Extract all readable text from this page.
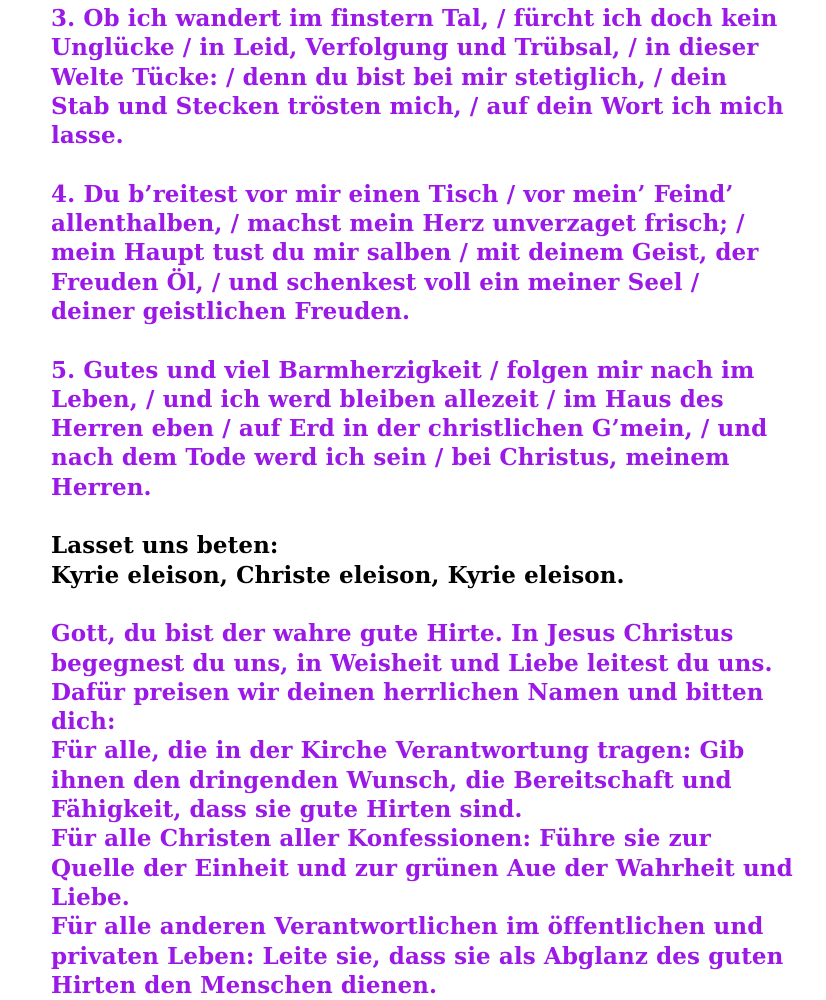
3. Ob ich wandert im finstern Tal, / fürcht ich doch kein
Unglücke / in Leid, Verfolgung und Trübsal, / in dieser
Welte Tücke: / denn du bist bei mir stetiglich, / dein
Stab und Stecken trösten mich, / auf dein Wort ich mich
lasse.
4. Du b’reitest vor mir einen Tisch / vor mein’ Feind’
allenthalben, / machst mein Herz unverzaget frisch; /
mein Haupt tust du mir salben / mit deinem Geist, der
Freuden Öl, / und schenkest voll ein meiner Seel /
deiner geistlichen Freuden.
5. Gutes und viel Barmherzigkeit / folgen mir nach im
Leben, / und ich werd bleiben allezeit / im Haus des
Herren eben / auf Erd in der christlichen G’mein, / und
nach dem Tode werd ich sein / bei Christus, meinem
Herren.
Lasset uns beten:
Kyrie eleison, Christe eleison, Kyrie eleison.
Gott, du bist der wahre gute Hirte. In Jesus Christus
begegnest du uns, in Weisheit und Liebe leitest du uns.
Dafür preisen wir deinen herrlichen Namen und bitten
dich:
Für alle, die in der Kirche Verantwortung tragen: Gib
ihnen den dringenden Wunsch, die Bereitschaft und
Fähigkeit, dass sie gute Hirten sind.
Für alle Christen aller Konfessionen: Führe sie zur
Quelle der Einheit und zur grünen Aue der Wahrheit und
Liebe.
Für alle anderen Verantwortlichen im öffentlichen und
privaten Leben: Leite sie, dass sie als Abglanz des guten
Hirten den Menschen dienen.
